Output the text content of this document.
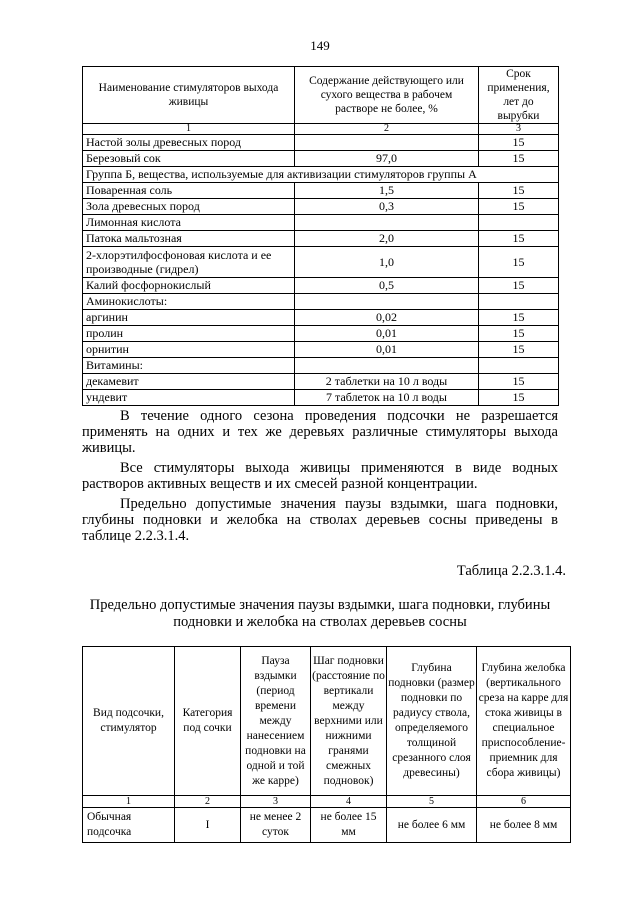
149
Наименование стимуляторов выхода живицы	Содержание действующего или сухого вещества в рабочем растворе не более, %	Срок применения, лет до вырубки
1	2	3
Настой золы древесных пород		15
Березовый сок	97,0	15
Группа Б, вещества, используемые для активизации стимуляторов группы А		
Поваренная соль	1,5	15
Зола древесных пород	0,3	15
Лимонная кислота		
Патока мальтозная	2,0	15
2-хлорэтилфосфоновая кислота и ее производные (гидрел)	1,0	15
Калий фосфорнокислый	0,5	15
Аминокислоты:		
аргинин	0,02	15
пролин	0,01	15
орнитин	0,01	15
Витамины:		
декамевит	2 таблетки на 10 л воды	15
ундевит	7 таблеток на 10 л воды	15

В течение одного сезона проведения подсочки не разрешается применять на одних и тех же деревьях различные стимуляторы выхода живицы.

Все стимуляторы выхода живицы применяются в виде водных растворов активных веществ и их смесей разной концентрации.

Предельно допустимые значения паузы вздымки, шага подновки, глубины подновки и желобка на стволах деревьев сосны приведены в таблице 2.2.3.1.4.

Таблица 2.2.3.1.4.
Предельно допустимые значения паузы вздымки, шага подновки, глубины подновки и желобка на стволах деревьев сосны
Вид подсочки, стимулятор	Категория под сочки	Пауза вздымки (период времени между нанесением подновки на одной и той же карре)	Шаг подновки (расстояние по вертикали между верхними или нижними гранями смежных подновок)	Глубина подновки (размер подновки по радиусу ствола, определяемого толщиной срезанного слоя древесины)	Глубина желобка (вертикального среза на карре для стока живицы в специальное приспособление-приемник для сбора живицы)
1	2	3	4	5	6
Обычная подсочка	I	не менее 2 суток	не более 15 мм	не более 6 мм	не более 8 мм
